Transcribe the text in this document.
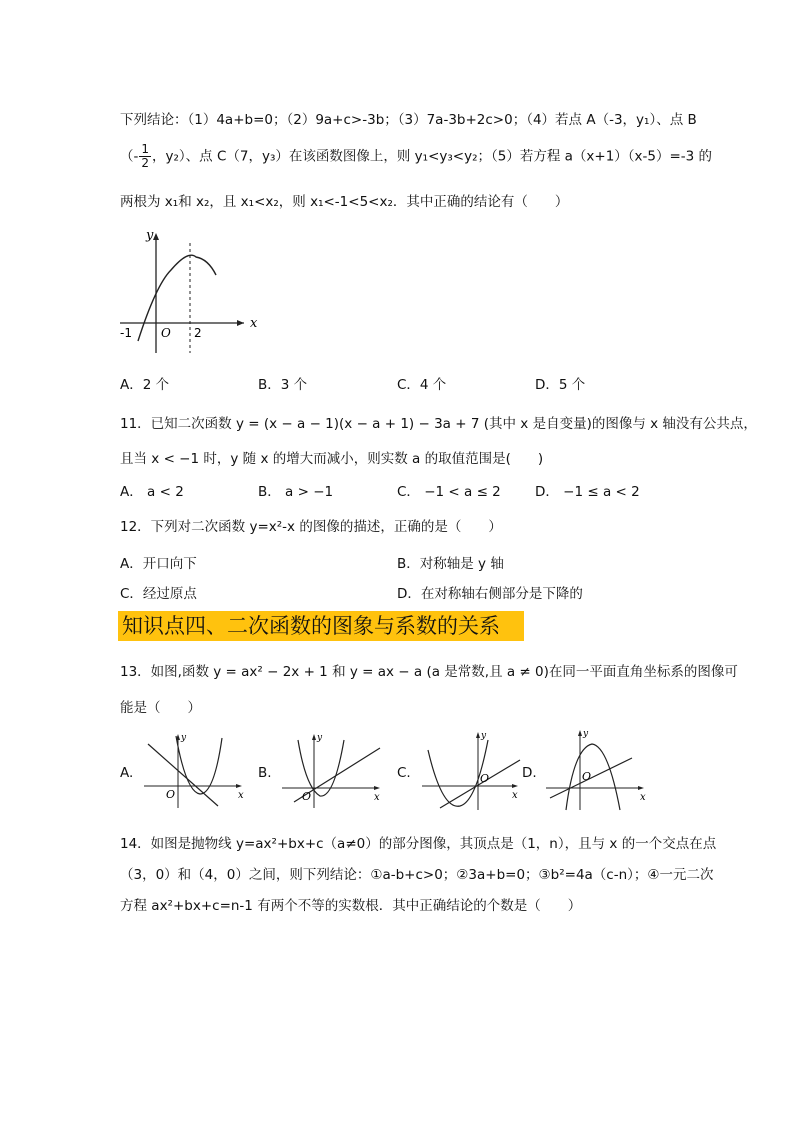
下列结论：（1）4a+b=0；（2）9a+c>-3b；（3）7a-3b+2c>0；（4）若点 A（-3，y₁）、点 B
（- $\frac{1}{2}$ ，y₂）、点 C（7，y₃）在该函数图像上，则 y₁<y₃<y₂；（5）若方程 a（x+1）（x-5）=-3 的
两根为 x₁和 x₂，且 x₁<x₂，则 x₁<-1<5<x₂．其中正确的结论有（　　）
y
x
O
-1	2
A．2 个	B．3 个	C．4 个	D．5 个
11．已知二次函数 y = (x − a − 1)(x − a + 1) − 3a + 7 (其中 x 是自变量)的图像与 x 轴没有公共点，
且当 x < −1 时，y 随 x 的增大而减小，则实数 a 的取值范围是(　　)
A． a < 2	B． a > −1	C． −1 < a ≤ 2	D． −1 ≤ a < 2
12．下列对二次函数 y=x²-x 的图像的描述，正确的是（　　）
A．开口向下	B．对称轴是 y 轴
C．经过原点	D．在对称轴右侧部分是下降的
知识点四、二次函数的图象与系数的关系
13．如图,函数 y = ax² − 2x + 1 和 y = ax − a (a 是常数,且 a ≠ 0)在同一平面直角坐标系的图像可
能是（　　）
A.
y
x
O
B.
y
x
O
C.
y
x
O D.
y
x
O
14．如图是抛物线 y=ax²+bx+c（a≠0）的部分图像，其顶点是（1，n），且与 x 的一个交点在点
（3，0）和（4，0）之间，则下列结论：①a-b+c>0；②3a+b=0；③b²=4a（c-n）；④一元二次
方程 ax²+bx+c=n-1 有两个不等的实数根．其中正确结论的个数是（　　）
